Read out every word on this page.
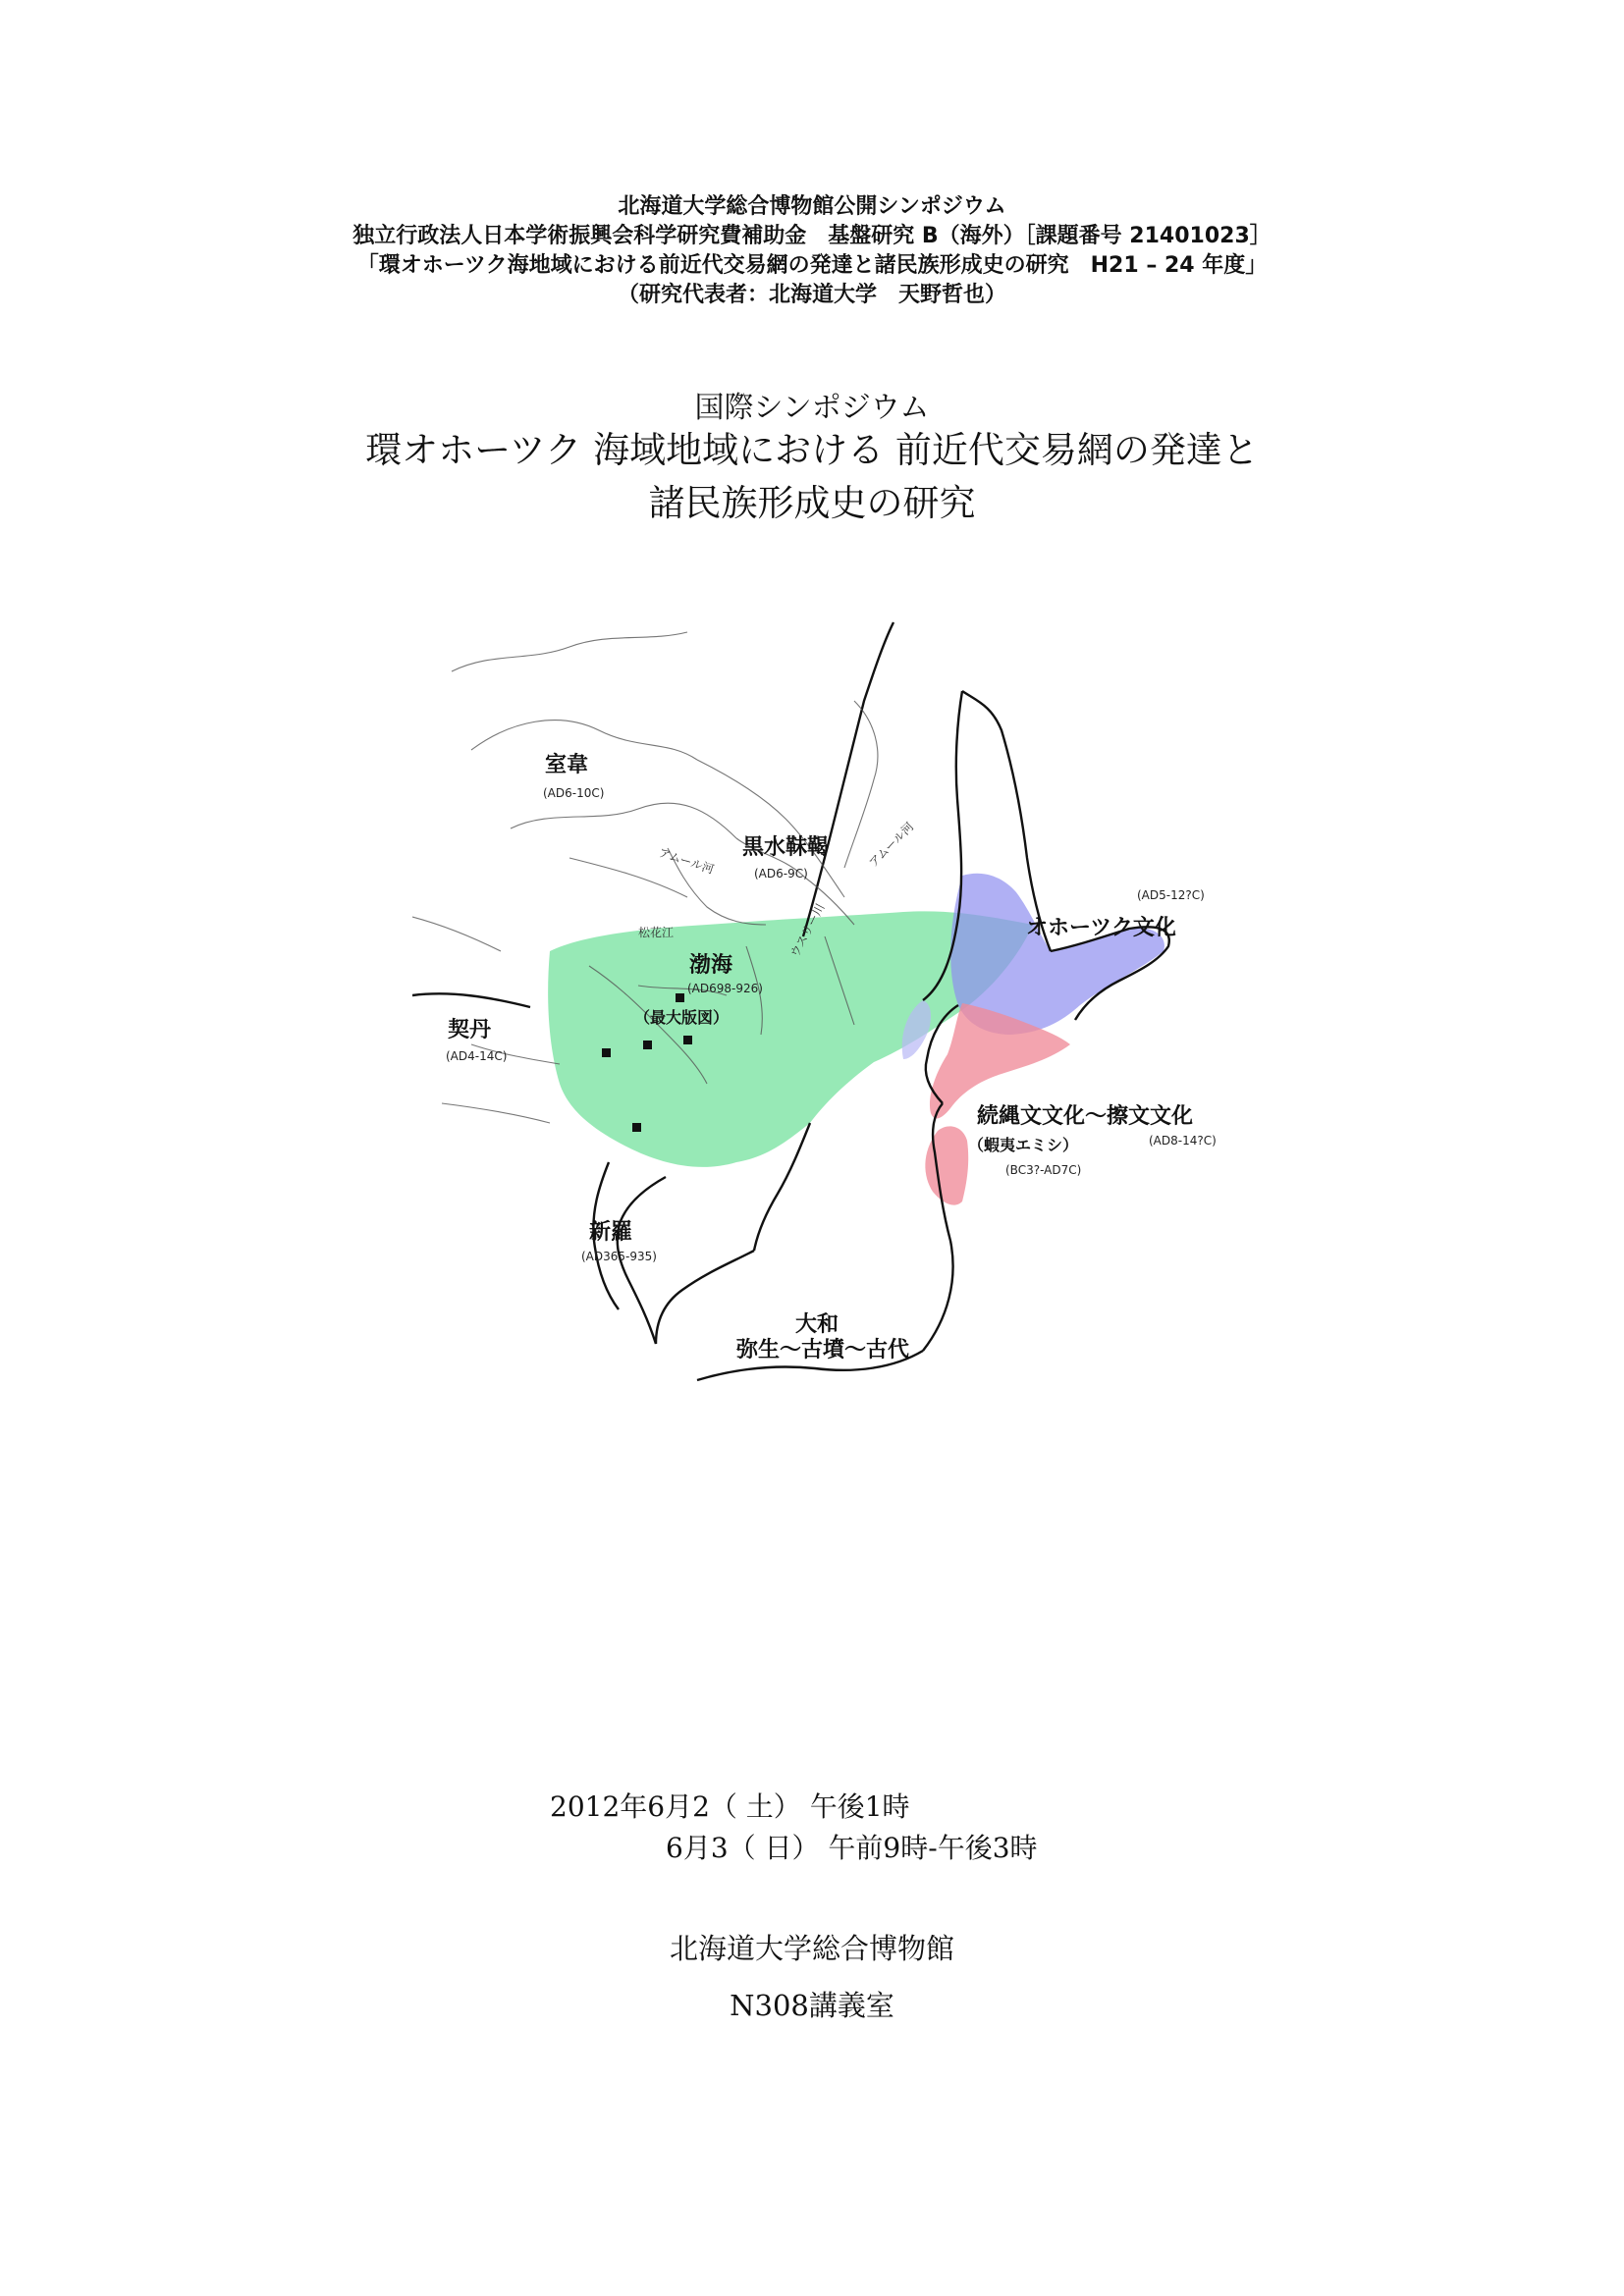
北海道大学総合博物館公開シンポジウム
独立行政法人日本学術振興会科学研究費補助金　基盤研究 B（海外）［課題番号 21401023］
「環オホーツク海地域における前近代交易網の発達と諸民族形成史の研究　H21 – 24 年度」
（研究代表者：北海道大学　天野哲也）
国際シンポジウム
環オホーツク 海域地域における 前近代交易網の発達と
諸民族形成史の研究
室韋
(AD6-10C)
アムール河 黒水靺鞨
(AD6-9C)
アムール河
松花江	ウスリー川
渤海
(AD698-926)
（最大版図）
契丹
(AD4-14C)
新羅
(AD365-935)
(AD5-12?C)
オホーツク文化
続縄文文化～擦文文化
(AD8-14?C)
（蝦夷エミシ）
(BC3?-AD7C)
大和
弥生～古墳～古代
2012年6月2（ 土） 午後1時
6月3（ 日） 午前9時-午後3時
北海道大学総合博物館
N308講義室
